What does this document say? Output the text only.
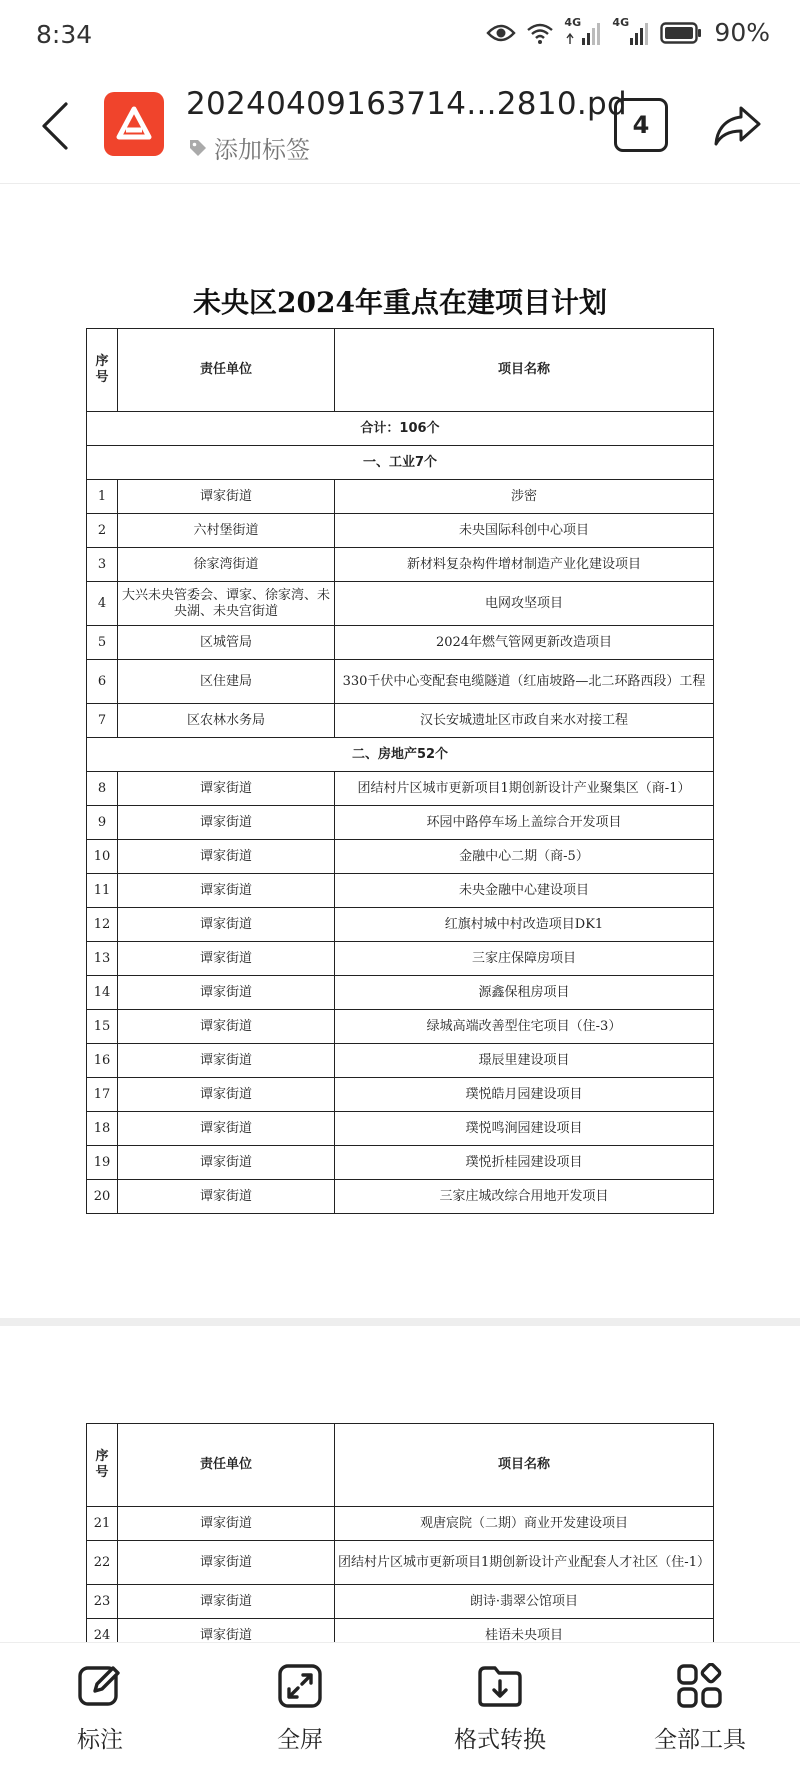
8:34	4G	4G	90%
20240409163714...2810.pd
添加标签
4
未央区2024年重点在建项目计划
序
号	责任单位	项目名称
合计：106个		
一、工业7个		
1	谭家街道	涉密
2	六村堡街道	未央国际科创中心项目
3	徐家湾街道	新材料复杂构件增材制造产业化建设项目
4	大兴未央管委会、谭家、徐家湾、未央湖、未央宫街道	电网攻坚项目
5	区城管局	2024年燃气管网更新改造项目
6	区住建局	330千伏中心变配套电缆隧道（红庙坡路—北二环路西段）工程
7	区农林水务局	汉长安城遗址区市政自来水对接工程
二、房地产52个		
8	谭家街道	团结村片区城市更新项目1期创新设计产业聚集区（商-1）
9	谭家街道	环园中路停车场上盖综合开发项目
10	谭家街道	金融中心二期（商-5）
11	谭家街道	未央金融中心建设项目
12	谭家街道	红旗村城中村改造项目DK1
13	谭家街道	三家庄保障房项目
14	谭家街道	源鑫保租房项目
15	谭家街道	绿城高端改善型住宅项目（住-3）
16	谭家街道	璟辰里建设项目
17	谭家街道	璞悦皓月园建设项目
18	谭家街道	璞悦鸣涧园建设项目
19	谭家街道	璞悦折桂园建设项目
20	谭家街道	三家庄城改综合用地开发项目
序
号	责任单位	项目名称
21	谭家街道	观唐宸院（二期）商业开发建设项目
22	谭家街道	团结村片区城市更新项目1期创新设计产业配套人才社区（住-1）
23	谭家街道	朗诗·翡翠公馆项目
24	谭家街道	桂语未央项目
标注	全屏	格式转换	全部工具
